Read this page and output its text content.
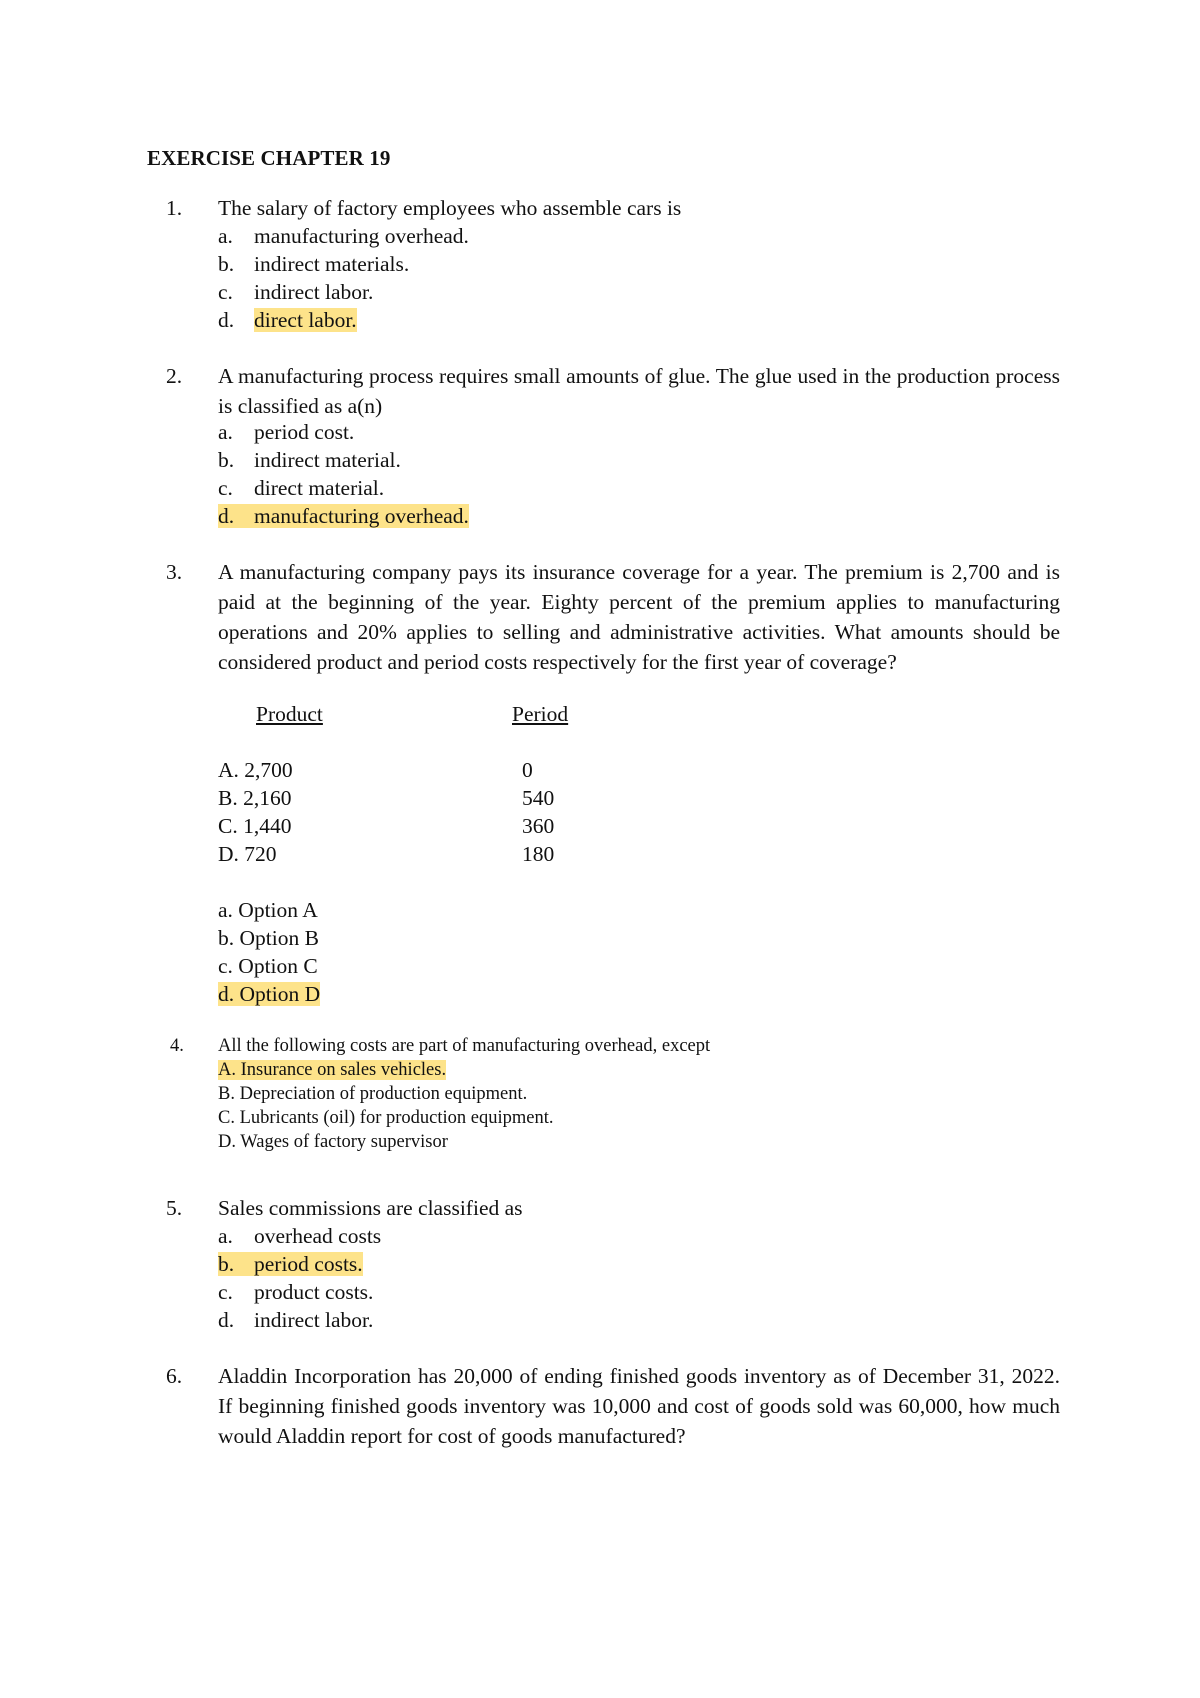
EXERCISE CHAPTER 19
1. The salary of factory employees who assemble cars is
a. manufacturing overhead.
b. indirect materials.
c. indirect labor.
d. direct labor.
2. A manufacturing process requires small amounts of glue. The glue used in the production process is classified as a(n)

a. period cost.
b. indirect material.
c. direct material.
d. manufacturing overhead.
3. A manufacturing company pays its insurance coverage for a year. The premium is 2,700 and is paid at the beginning of the year. Eighty percent of the premium applies to manufacturing operations and 20% applies to selling and administrative activities. What amounts should be considered product and period costs respectively for the first year of coverage?

Product	Period
A. 2,700	0
B. 2,160	540
C. 1,440	360
D. 720	180
a. Option A
b. Option B
c. Option C
d. Option D
4. All the following costs are part of manufacturing overhead, except
A. Insurance on sales vehicles.
B. Depreciation of production equipment.
C. Lubricants (oil) for production equipment.
D. Wages of factory supervisor
5. Sales commissions are classified as
a. overhead costs
b. period costs.
c. product costs.
d. indirect labor.
6. Aladdin Incorporation has 20,000 of ending finished goods inventory as of December 31, 2022. If beginning finished goods inventory was 10,000 and cost of goods sold was 60,000, how much would Aladdin report for cost of goods manufactured?
